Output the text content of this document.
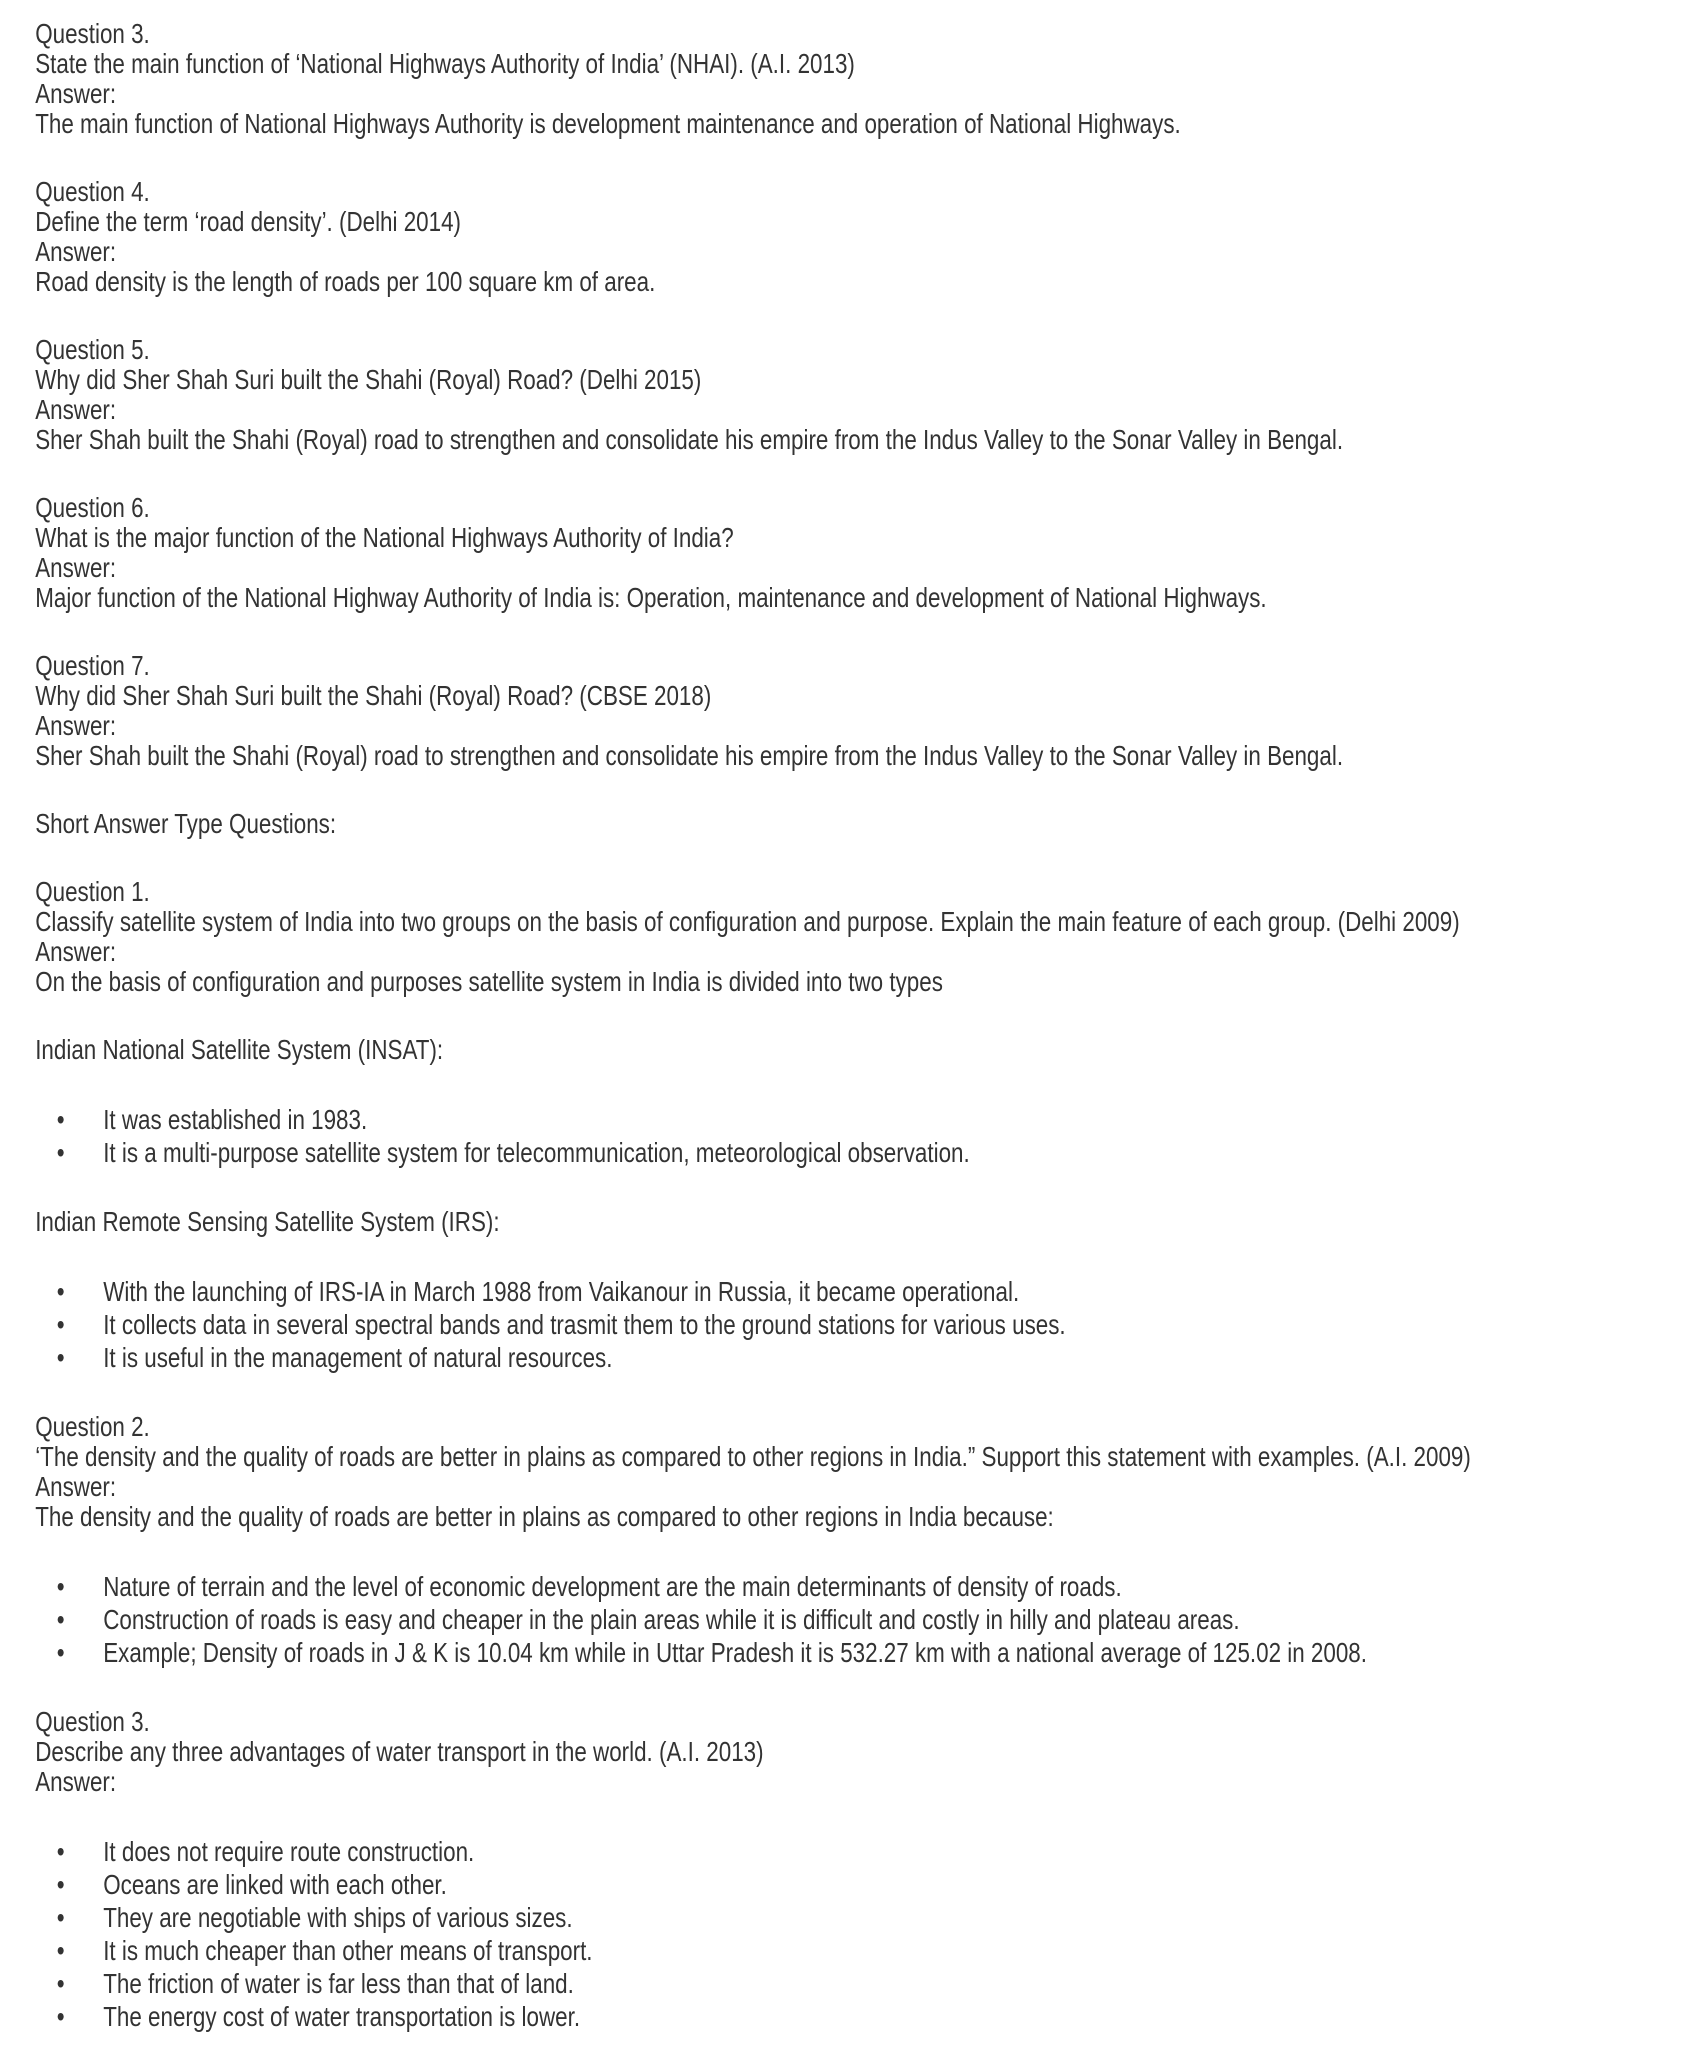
Question 3.
State the main function of ‘National Highways Authority of India’ (NHAI). (A.I. 2013)
Answer:
The main function of National Highways Authority is development maintenance and operation of National Highways.
Question 4.
Define the term ‘road density’. (Delhi 2014)
Answer:
Road density is the length of roads per 100 square km of area.
Question 5.
Why did Sher Shah Suri built the Shahi (Royal) Road? (Delhi 2015)
Answer:
Sher Shah built the Shahi (Royal) road to strengthen and consolidate his empire from the Indus Valley to the Sonar Valley in Bengal.
Question 6.
What is the major function of the National Highways Authority of India?
Answer:
Major function of the National Highway Authority of India is: Operation, maintenance and development of National Highways.
Question 7.
Why did Sher Shah Suri built the Shahi (Royal) Road? (CBSE 2018)
Answer:
Sher Shah built the Shahi (Royal) road to strengthen and consolidate his empire from the Indus Valley to the Sonar Valley in Bengal.
Short Answer Type Questions:
Question 1.
Classify satellite system of India into two groups on the basis of configuration and purpose. Explain the main feature of each group. (Delhi 2009)
Answer:
On the basis of configuration and purposes satellite system in India is divided into two types
Indian National Satellite System (INSAT):
• It was established in 1983.
• It is a multi-purpose satellite system for telecommunication, meteorological observation.
Indian Remote Sensing Satellite System (IRS):
• With the launching of IRS-IA in March 1988 from Vaikanour in Russia, it became operational.
• It collects data in several spectral bands and trasmit them to the ground stations for various uses.
• It is useful in the management of natural resources.
Question 2.
‘The density and the quality of roads are better in plains as compared to other regions in India.” Support this statement with examples. (A.I. 2009)
Answer:
The density and the quality of roads are better in plains as compared to other regions in India because:
• Nature of terrain and the level of economic development are the main determinants of density of roads.
• Construction of roads is easy and cheaper in the plain areas while it is difficult and costly in hilly and plateau areas.
• Example; Density of roads in J & K is 10.04 km while in Uttar Pradesh it is 532.27 km with a national average of 125.02 in 2008.
Question 3.
Describe any three advantages of water transport in the world. (A.I. 2013)
Answer:
• It does not require route construction.
• Oceans are linked with each other.
• They are negotiable with ships of various sizes.
• It is much cheaper than other means of transport.
• The friction of water is far less than that of land.
• The energy cost of water transportation is lower.
